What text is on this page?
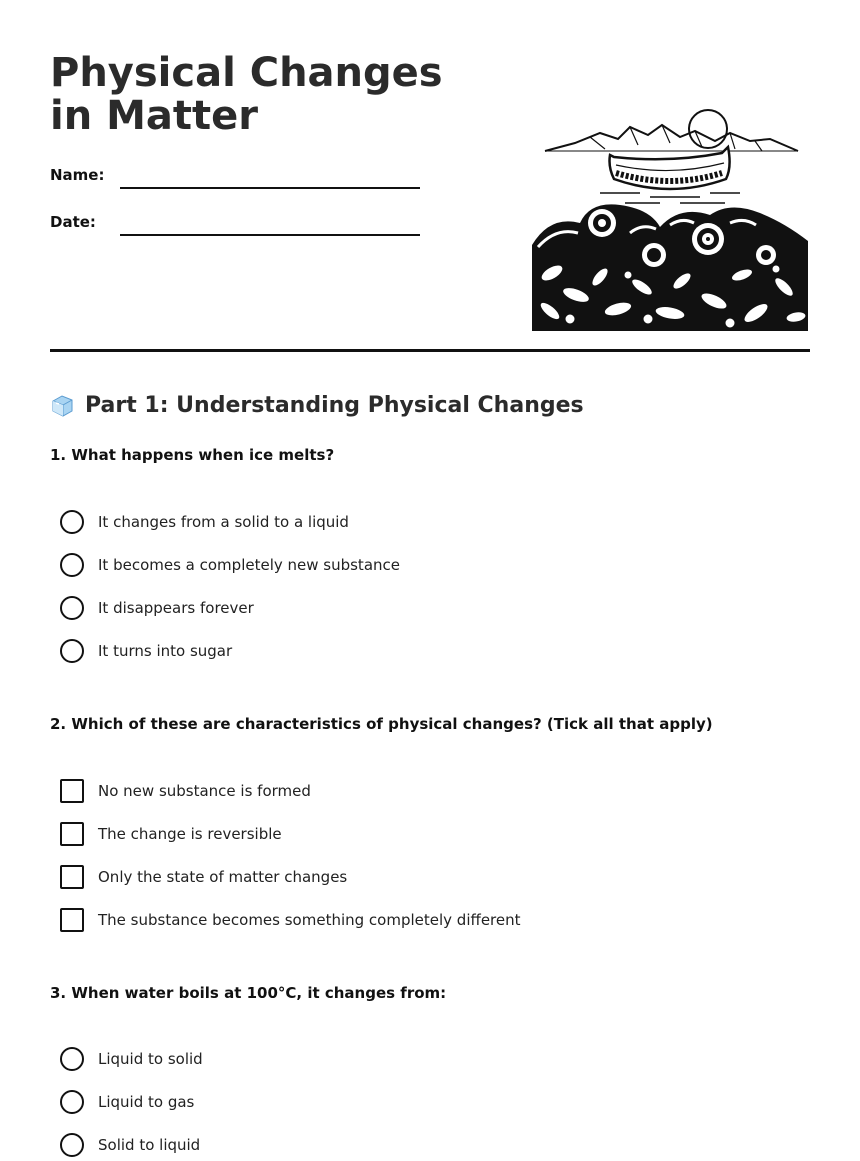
Physical Changes in Matter
Name:
Date:
Part 1: Understanding Physical Changes
1. What happens when ice melts?
It changes from a solid to a liquid
It becomes a completely new substance
It disappears forever
It turns into sugar
2. Which of these are characteristics of physical changes? (Tick all that apply)
No new substance is formed
The change is reversible
Only the state of matter changes
The substance becomes something completely different
3. When water boils at 100°C, it changes from:
Liquid to solid
Liquid to gas
Solid to liquid
